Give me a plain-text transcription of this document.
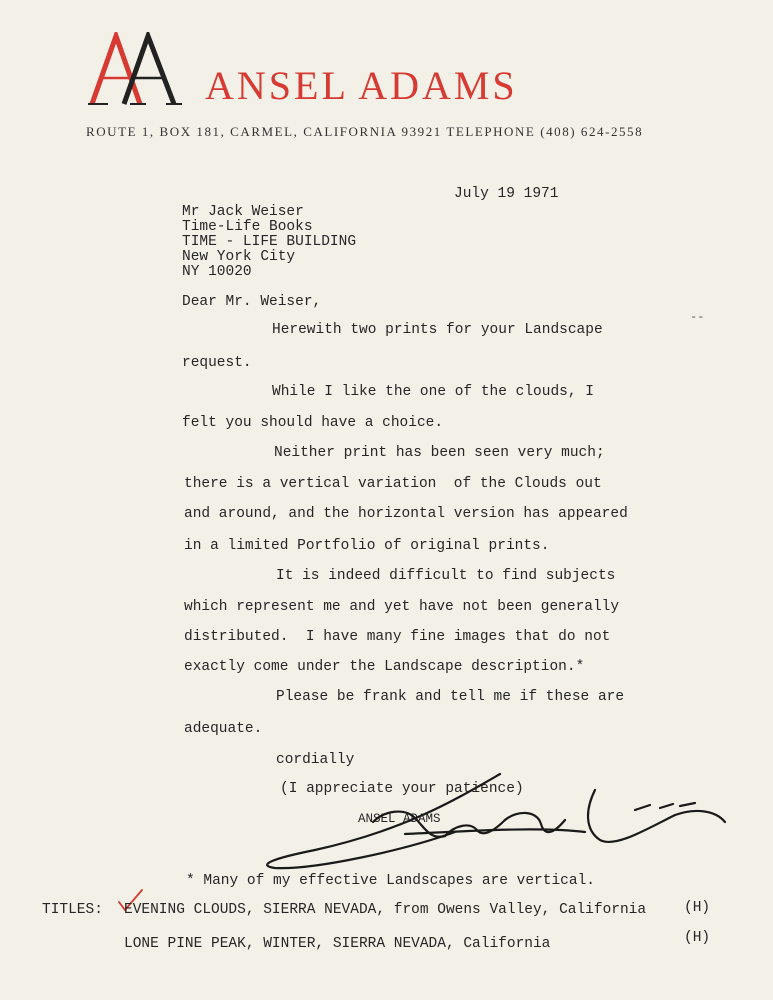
ANSEL ADAMS
ROUTE 1, BOX 181, CARMEL, CALIFORNIA 93921 TELEPHONE (408) 624-2558
July 19 1971
Mr Jack Weiser
Time-Life Books
TIME - LIFE BUILDING
New York City
NY 10020
Dear Mr. Weiser,
--
Herewith two prints for your Landscape
request.
While I like the one of the clouds, I
felt you should have a choice.
Neither print has been seen very much;
there is a vertical variation  of the Clouds out
and around, and the horizontal version has appeared
in a limited Portfolio of original prints.
It is indeed difficult to find subjects
which represent me and yet have not been generally
distributed.  I have many fine images that do not
exactly come under the Landscape description.*
Please be frank and tell me if these are
adequate.
cordially
(I appreciate your patience)
ANSEL ADAMS
* Many of my effective Landscapes are vertical.
TITLES: EVENING CLOUDS, SIERRA NEVADA, from Owens Valley, California	(H)
LONE PINE PEAK, WINTER, SIERRA NEVADA, California	(H)
